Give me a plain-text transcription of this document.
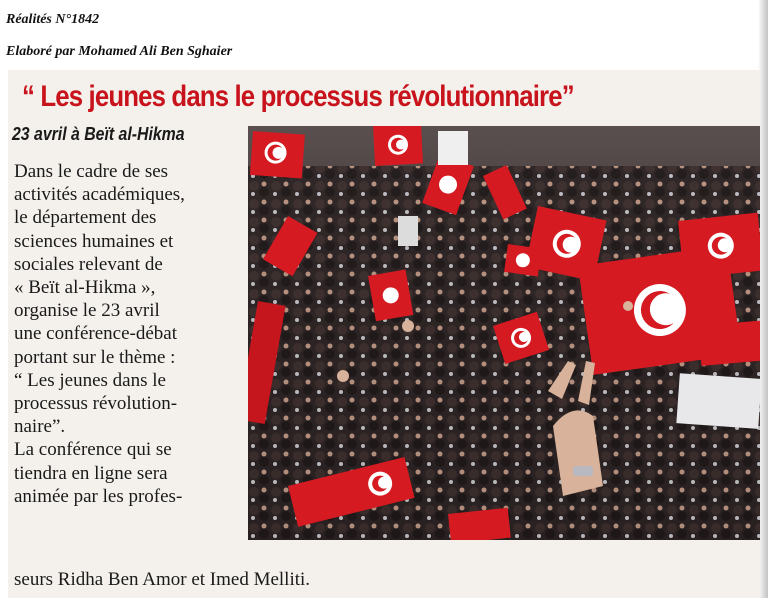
Réalités N°1842
Elaboré par Mohamed Ali Ben Sghaier
“ Les jeunes dans le processus révolutionnaire”
23 avril à Beït al-Hikma
Dans le cadre de ses
activités académiques,
le département des
sciences humaines et
sociales relevant de
« Beït al-Hikma »,
organise le 23 avril
une conférence-débat
portant sur le thème :
“ Les jeunes dans le
processus révolution-
naire”.
La conférence qui se
tiendra en ligne sera
animée par les profes-
seurs Ridha Ben Amor et Imed Melliti.
